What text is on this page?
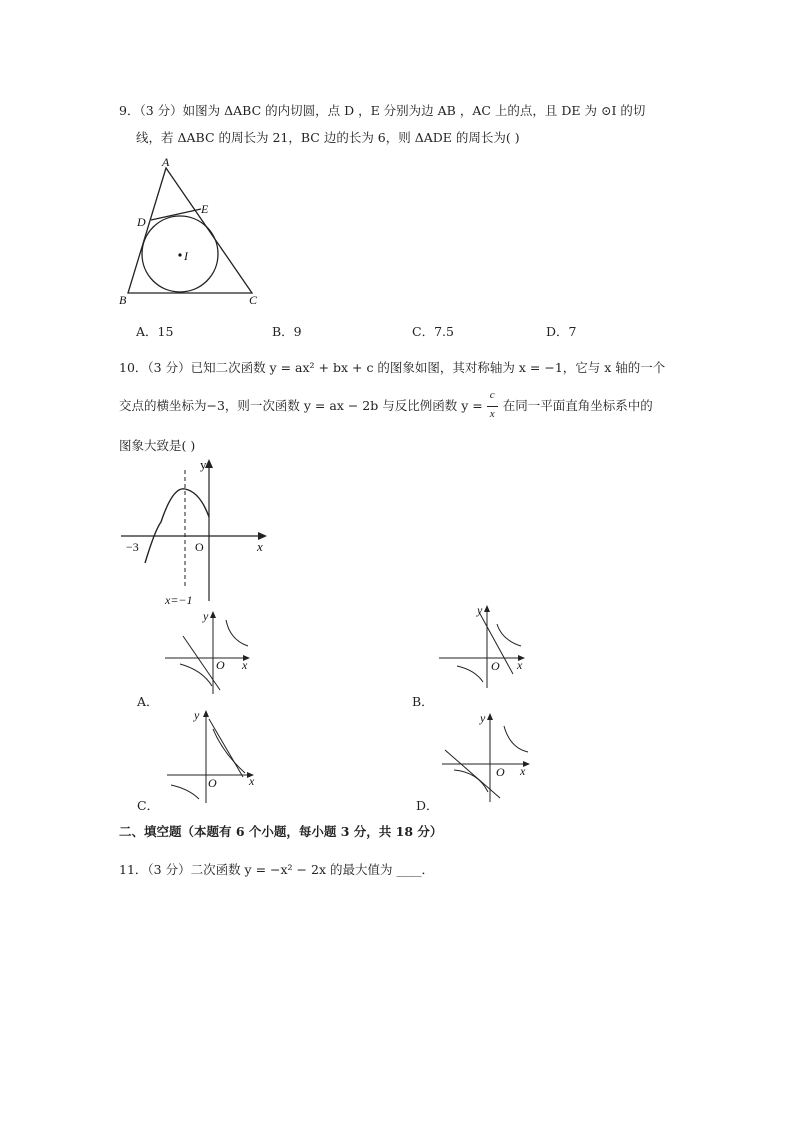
9．（3 分）如图为 ΔABC 的内切圆，点 D ，E 分别为边 AB ，AC 上的点，且 DE 为 ⊙I 的切
线，若 ΔABC 的周长为 21，BC 边的长为 6，则 ΔADE 的周长为( )
A
B	C
D
E
I
A．15	B．9	C．7.5	D．7
10．（3 分）已知二次函数 y = ax² + bx + c 的图象如图，其对称轴为 x = −1，它与 x 轴的一个
交点的横坐标为−3，则一次函数 y = ax − 2b 与反比例函数 $y = \frac{c}{x}$ 在同一平面直角坐标系中的
图象大致是( )
y
x
O
−3
x=−1
y
x
O
A．
y
x
O
B．
y
x
O
C．
y
x
O
D．
二、填空题（本题有 6 个小题，每小题 3 分，共 18 分）
11．（3 分）二次函数 y = −x² − 2x 的最大值为 ____．
